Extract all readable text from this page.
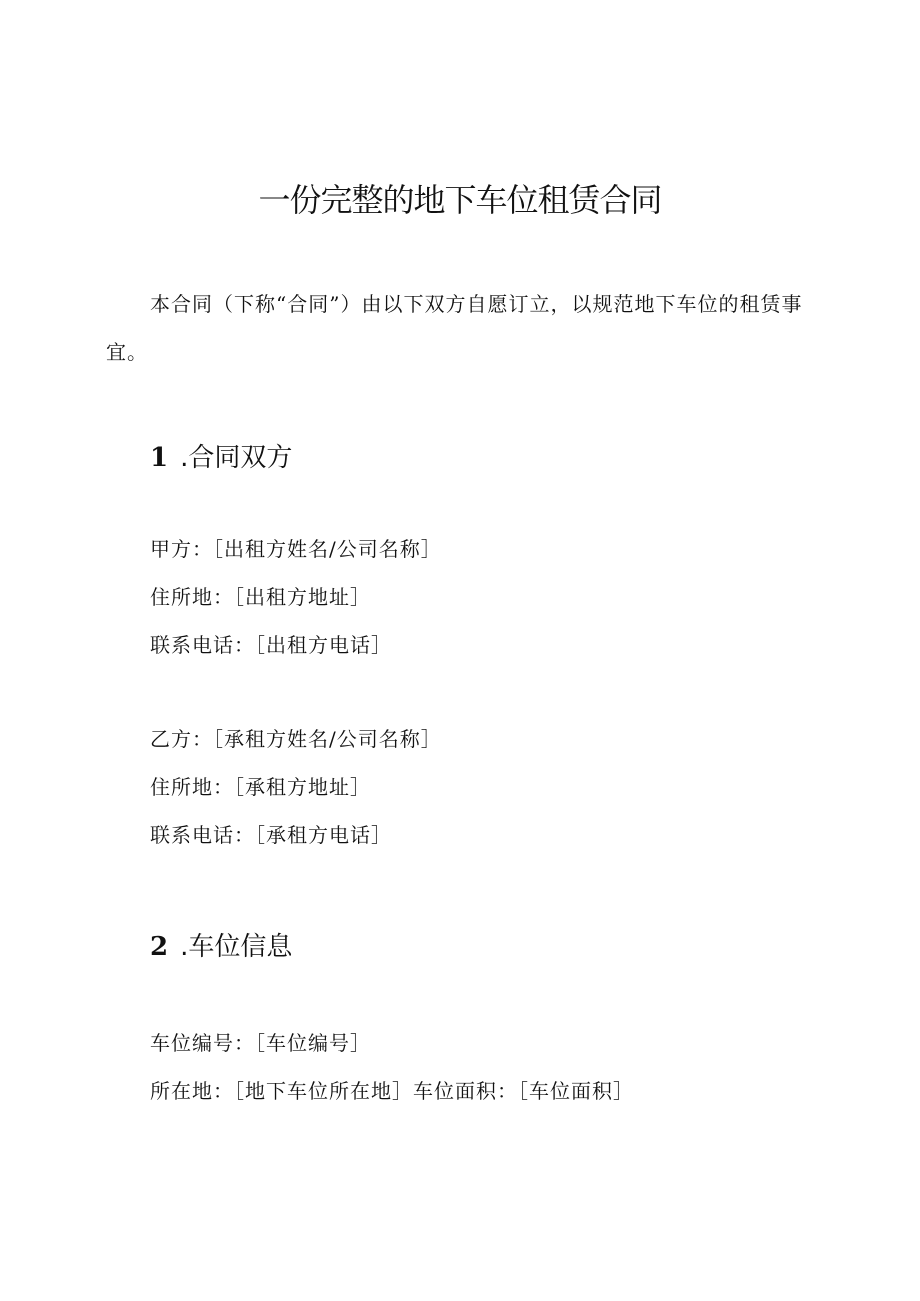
一份完整的地下车位租赁合同

本合同（下称“合同”）由以下双方自愿订立，以规范地下车位的租赁事宜。

1 .合同双方

甲方：［出租方姓名/公司名称］

住所地：［出租方地址］

联系电话：［出租方电话］

乙方：［承租方姓名/公司名称］

住所地：［承租方地址］

联系电话：［承租方电话］

2 .车位信息

车位编号：［车位编号］

所在地：［地下车位所在地］车位面积：［车位面积］
